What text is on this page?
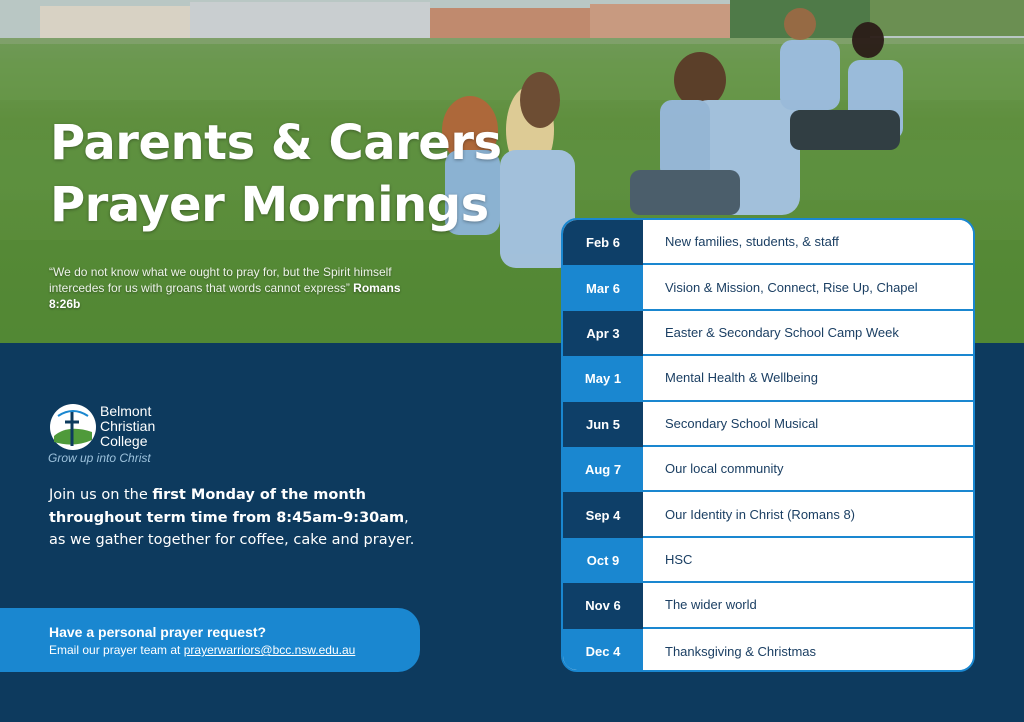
Parents & Carers
Prayer Mornings

“We do not know what we ought to pray for, but the Spirit himself intercedes for us with groans that words cannot express” Romans 8:26b

Belmont
Christian
College
Grow up into Christ

Join us on the first Monday of the month throughout term time from 8:45am-9:30am, as we gather together for coffee, cake and prayer.

Have a personal prayer request?
Email our prayer team at prayerwarriors@bcc.nsw.edu.au
Feb 6	New families, students, & staff
Mar 6	Vision & Mission, Connect, Rise Up, Chapel
Apr 3	Easter & Secondary School Camp Week
May 1	Mental Health & Wellbeing
Jun 5	Secondary School Musical
Aug 7	Our local community
Sep 4	Our Identity in Christ (Romans 8)
Oct 9	HSC
Nov 6	The wider world
Dec 4	Thanksgiving & Christmas
